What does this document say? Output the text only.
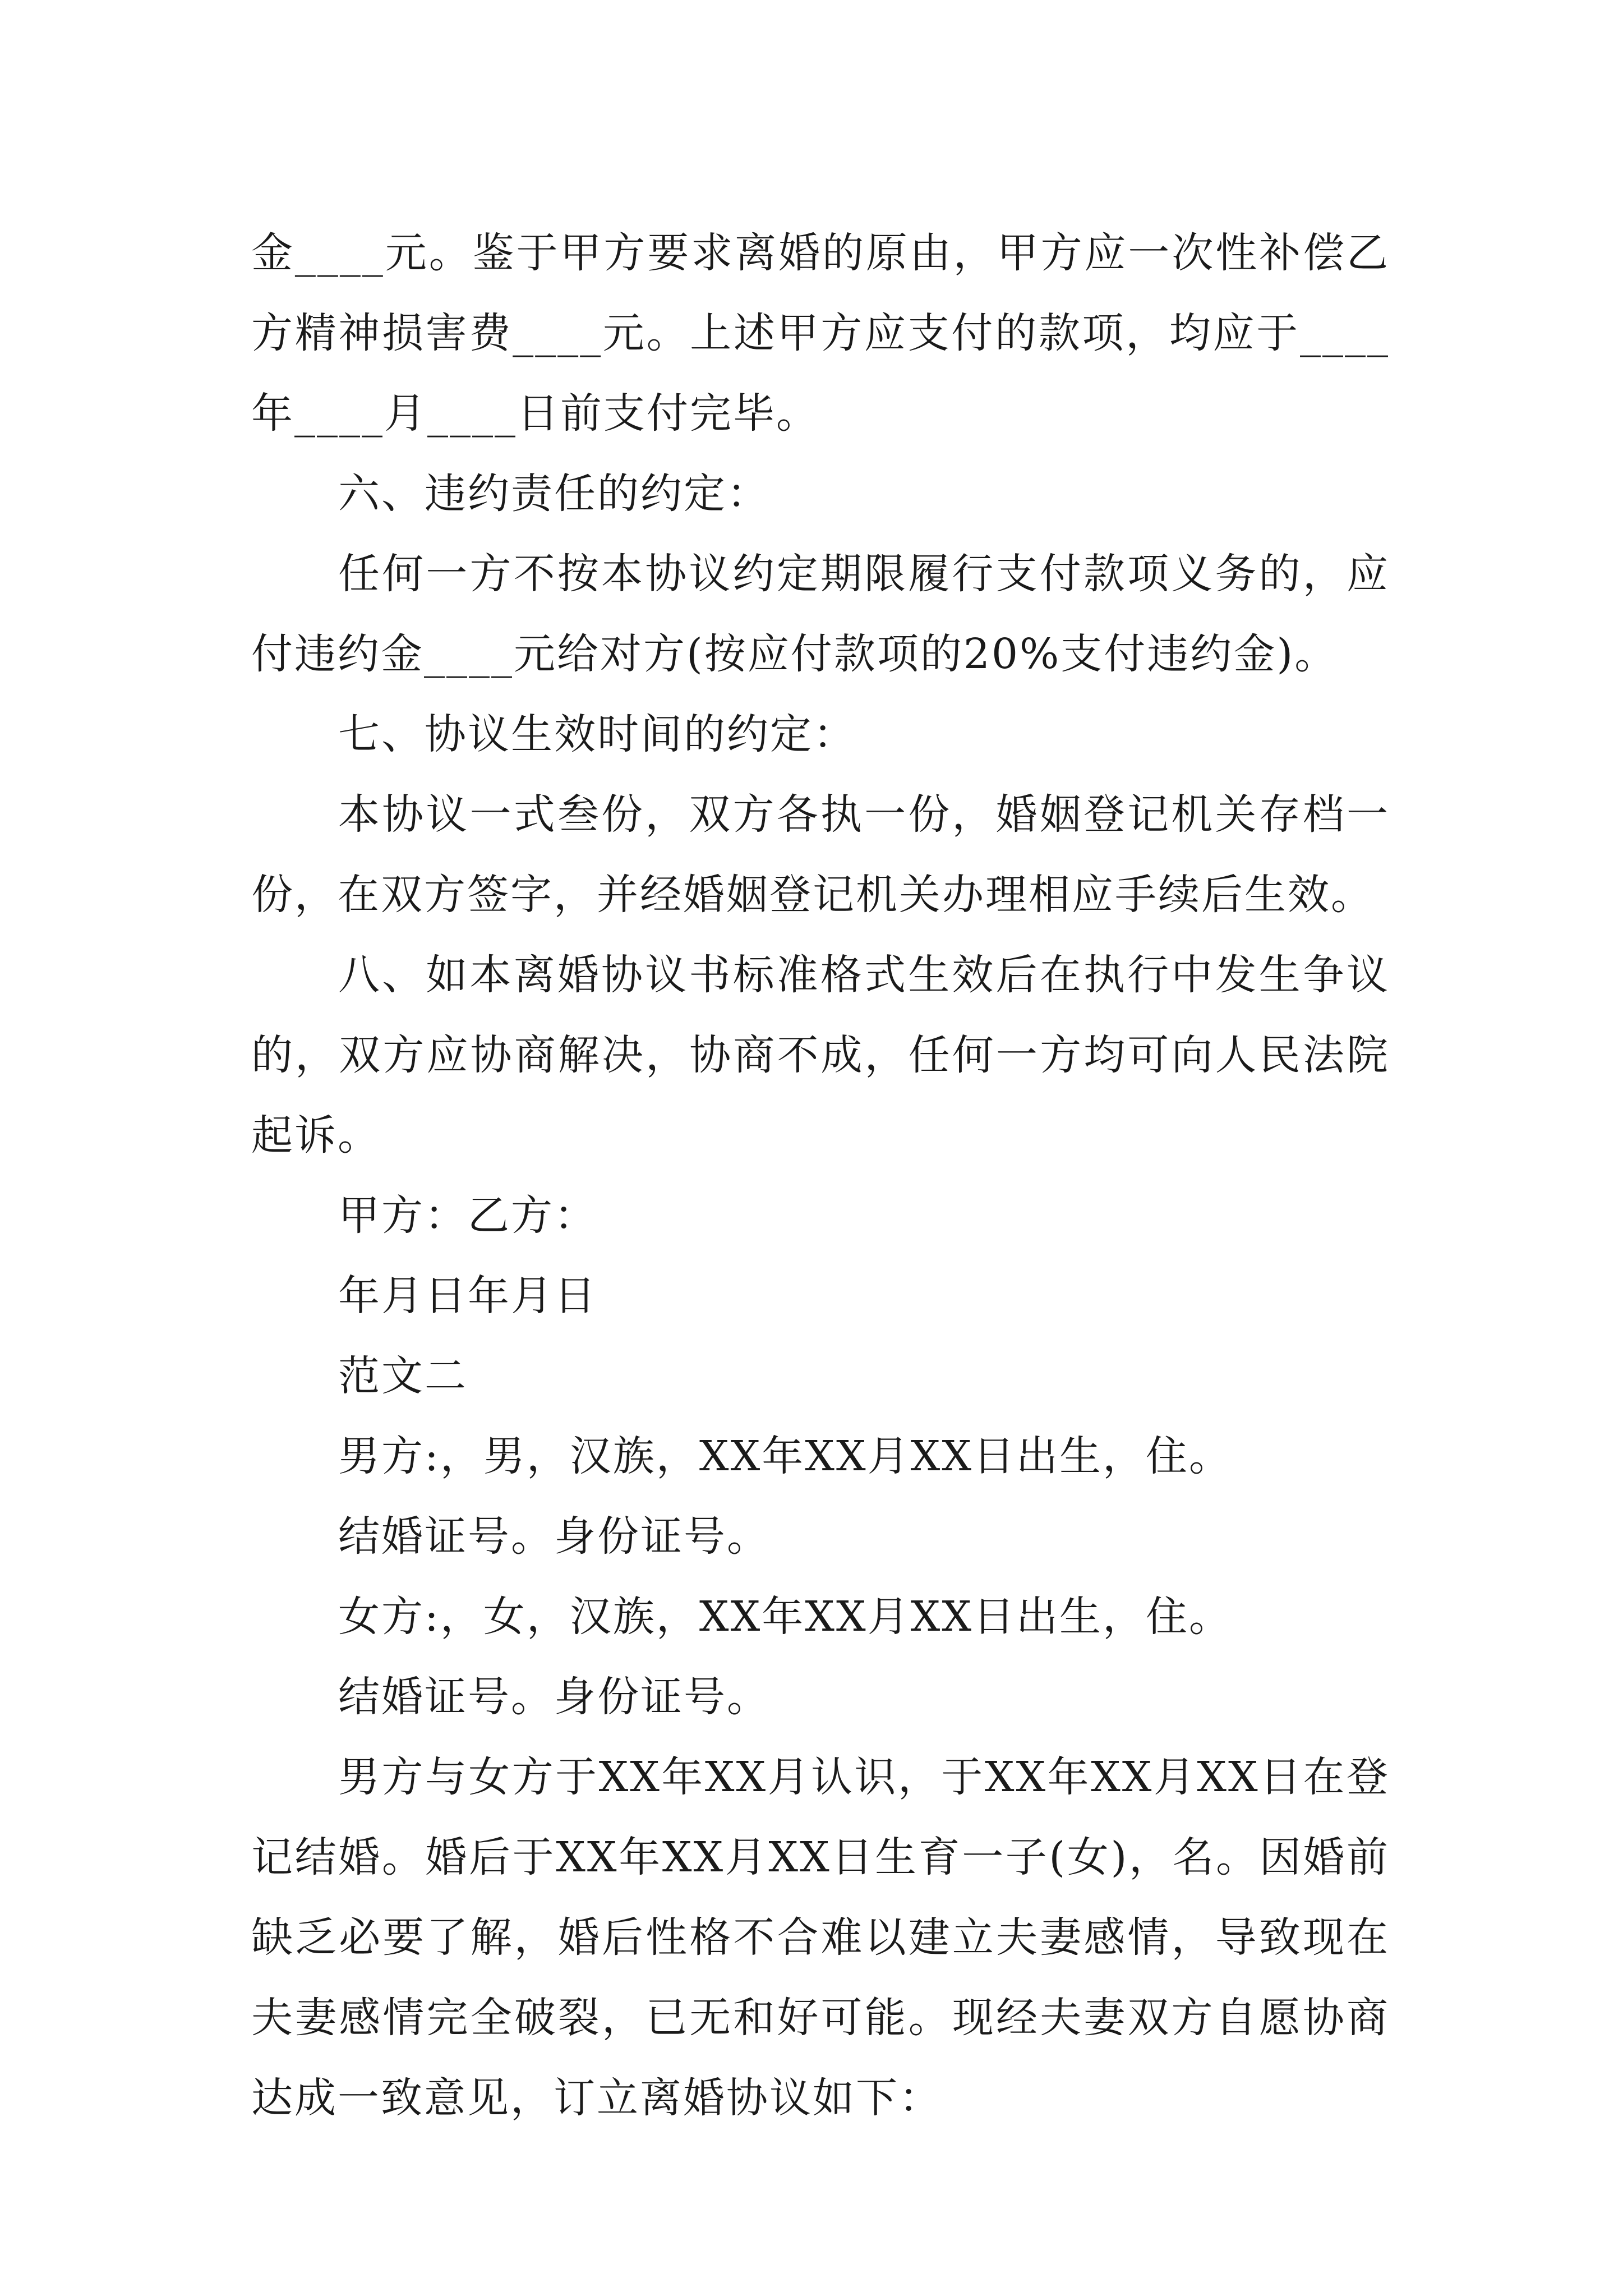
金____元。鉴于甲方要求离婚的原由，甲方应一次性补偿乙方精神损害费____元。上述甲方应支付的款项，均应于____年____月____日前支付完毕。

六、违约责任的约定：

任何一方不按本协议约定期限履行支付款项义务的，应付违约金____元给对方(按应付款项的20%支付违约金)。

七、协议生效时间的约定：

本协议一式叁份，双方各执一份，婚姻登记机关存档一份，在双方签字，并经婚姻登记机关办理相应手续后生效。

八、如本离婚协议书标准格式生效后在执行中发生争议的，双方应协商解决，协商不成，任何一方均可向人民法院起诉。

甲方：乙方：

年月日年月日

范文二

男方:，男，汉族，XX年XX月XX日出生，住。

结婚证号。身份证号。

女方:，女，汉族，XX年XX月XX日出生，住。

结婚证号。身份证号。

男方与女方于XX年XX月认识，于XX年XX月XX日在登记结婚。婚后于XX年XX月XX日生育一子(女)，名。因婚前缺乏必要了解，婚后性格不合难以建立夫妻感情，导致现在夫妻感情完全破裂，已无和好可能。现经夫妻双方自愿协商达成一致意见，订立离婚协议如下：
